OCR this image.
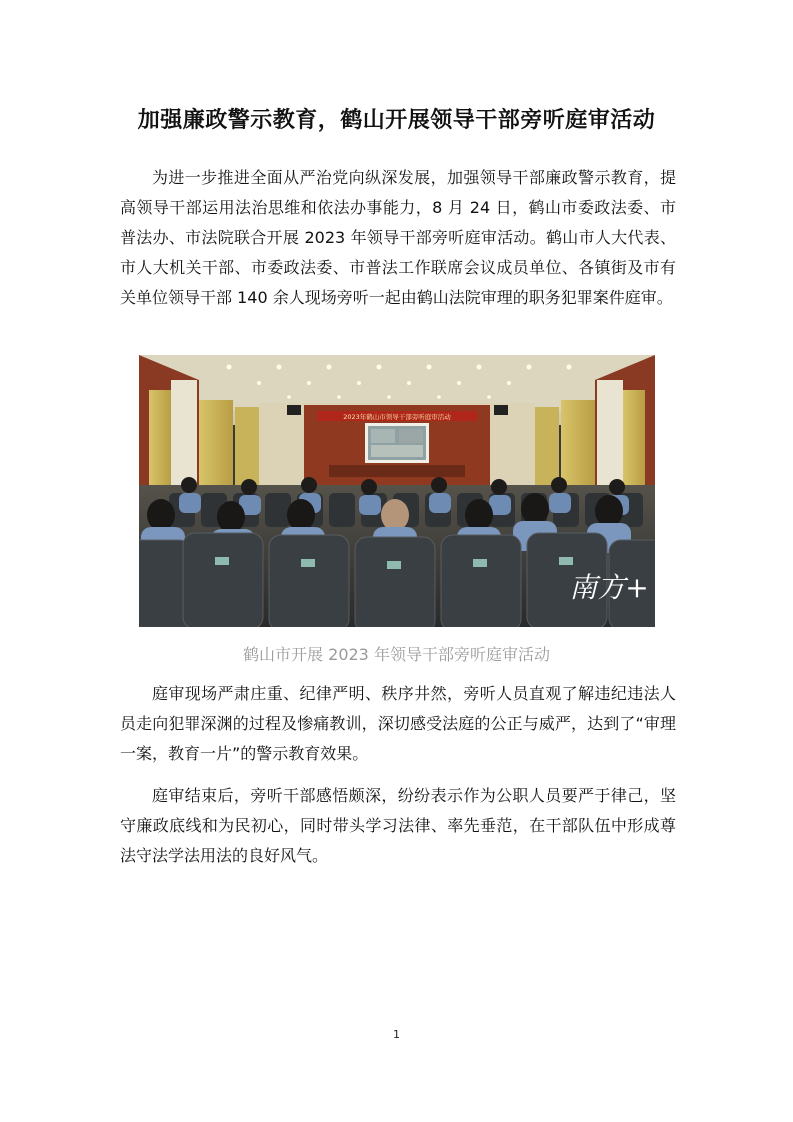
加强廉政警示教育，鹤山开展领导干部旁听庭审活动

为进一步推进全面从严治党向纵深发展，加强领导干部廉政警示教育，提高领导干部运用法治思维和依法办事能力，8 月 24 日，鹤山市委政法委、市普法办、市法院联合开展 2023 年领导干部旁听庭审活动。鹤山市人大代表、市人大机关干部、市委政法委、市普法工作联席会议成员单位、各镇街及市有关单位领导干部 140 余人现场旁听一起由鹤山法院审理的职务犯罪案件庭审。

2023年鹤山市领导干部旁听庭审活动
南方+

鹤山市开展 2023 年领导干部旁听庭审活动

庭审现场严肃庄重、纪律严明、秩序井然，旁听人员直观了解违纪违法人员走向犯罪深渊的过程及惨痛教训，深切感受法庭的公正与威严，达到了“审理一案，教育一片”的警示教育效果。

庭审结束后，旁听干部感悟颇深，纷纷表示作为公职人员要严于律己，坚守廉政底线和为民初心，同时带头学习法律、率先垂范，在干部队伍中形成尊法守法学法用法的良好风气。

1
